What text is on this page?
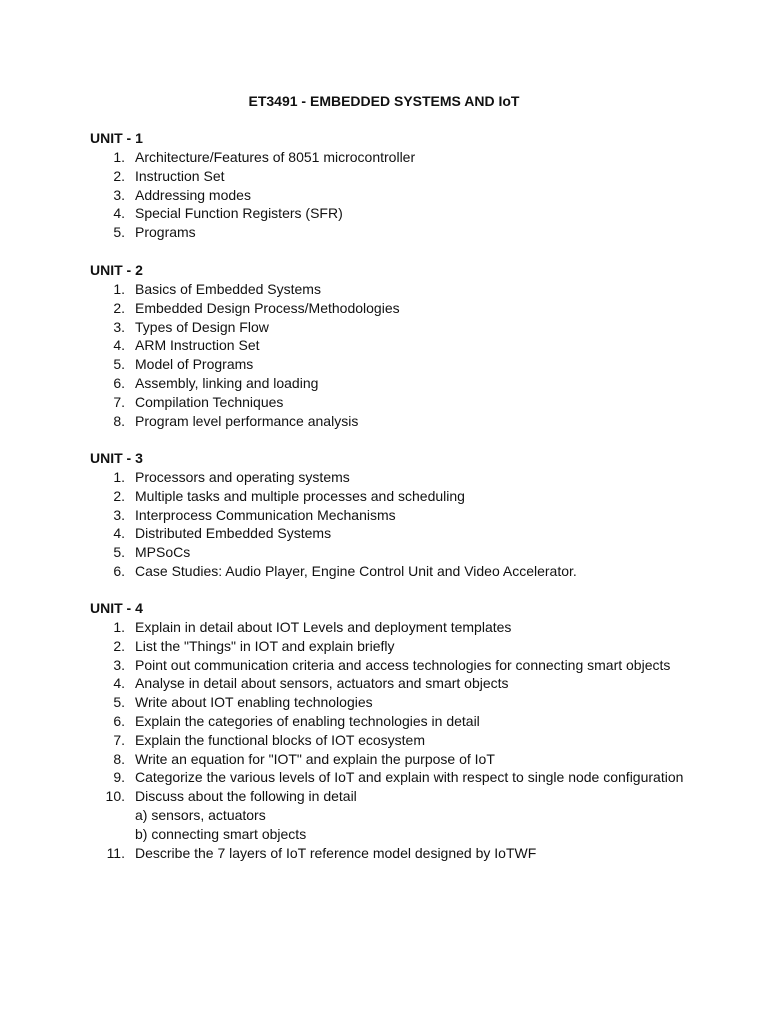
ET3491 - EMBEDDED SYSTEMS AND IoT
UNIT - 1
1. Architecture/Features of 8051 microcontroller
2. Instruction Set
3. Addressing modes
4. Special Function Registers (SFR)
5. Programs
UNIT - 2
1. Basics of Embedded Systems
2. Embedded Design Process/Methodologies
3. Types of Design Flow
4. ARM Instruction Set
5. Model of Programs
6. Assembly, linking and loading
7. Compilation Techniques
8. Program level performance analysis
UNIT - 3
1. Processors and operating systems
2. Multiple tasks and multiple processes and scheduling
3. Interprocess Communication Mechanisms
4. Distributed Embedded Systems
5. MPSoCs
6. Case Studies: Audio Player, Engine Control Unit and Video Accelerator.
UNIT - 4
1. Explain in detail about IOT Levels and deployment templates
2. List the "Things" in IOT and explain briefly
3. Point out communication criteria and access technologies for connecting smart objects
4. Analyse in detail about sensors, actuators and smart objects
5. Write about IOT enabling technologies
6. Explain the categories of enabling technologies in detail
7. Explain the functional blocks of IOT ecosystem
8. Write an equation for "IOT" and explain the purpose of IoT
9. Categorize the various levels of IoT and explain with respect to single node configuration
10. Discuss about the following in detail
a) sensors, actuators
b) connecting smart objects
11. Describe the 7 layers of IoT reference model designed by IoTWF
